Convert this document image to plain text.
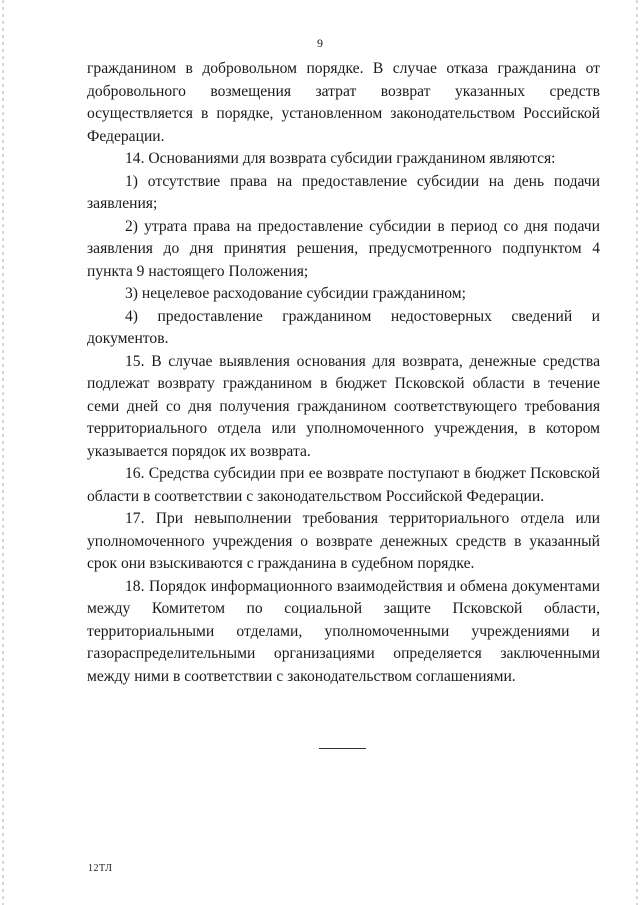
9

гражданином в добровольном порядке. В случае отказа гражданина от добровольного возмещения затрат возврат указанных средств осуществляется в порядке, установленном законодательством Российской Федерации.

14. Основаниями для возврата субсидии гражданином являются:

1) отсутствие права на предоставление субсидии на день подачи заявления;

2) утрата права на предоставление субсидии в период со дня подачи заявления до дня принятия решения, предусмотренного подпунктом 4 пункта 9 настоящего Положения;

3) нецелевое расходование субсидии гражданином;

4) предоставление гражданином недостоверных сведений и документов.

15. В случае выявления основания для возврата, денежные средства подлежат возврату гражданином в бюджет Псковской области в течение семи дней со дня получения гражданином соответствующего требования территориального отдела или уполномоченного учреждения, в котором указывается порядок их возврата.

16. Средства субсидии при ее возврате поступают в бюджет Псковской области в соответствии с законодательством Российской Федерации.

17. При невыполнении требования территориального отдела или уполномоченного учреждения о возврате денежных средств в указанный срок они взыскиваются с гражданина в судебном порядке.

18. Порядок информационного взаимодействия и обмена документами между Комитетом по социальной защите Псковской области, территориальными отделами, уполномоченными учреждениями и газораспределительными организациями определяется заключенными между ними в соответствии с законодательством соглашениями.

12ТЛ
